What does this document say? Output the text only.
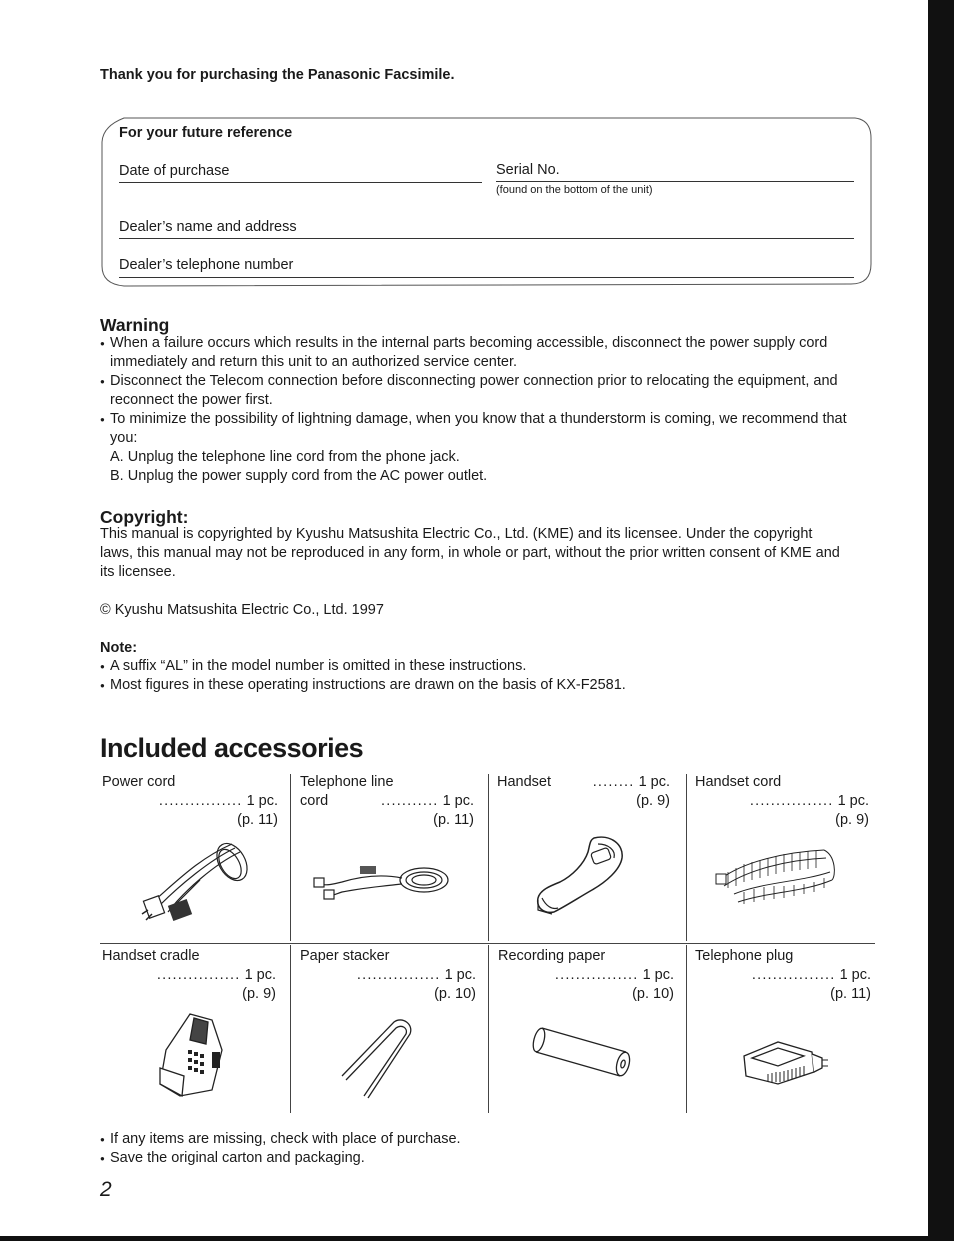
Thank you for purchasing the Panasonic Facsimile.
For your future reference
Date of purchase	Serial No.
(found on the bottom of the unit)
Dealer’s name and address
Dealer’s telephone number
Warning
● When a failure occurs which results in the internal parts becoming accessible, disconnect the power supply cord immediately and return this unit to an authorized service center.
● Disconnect the Telecom connection before disconnecting power connection prior to relocating the equipment, and reconnect the power first.
● To minimize the possibility of lightning damage, when you know that a thunderstorm is coming, we recommend that you:
A. Unplug the telephone line cord from the phone jack.
B. Unplug the power supply cord from the AC power outlet.
Copyright:
This manual is copyrighted by Kyushu Matsushita Electric Co., Ltd. (KME) and its licensee. Under the copyright laws, this manual may not be reproduced in any form, in whole or part, without the prior written consent of KME and its licensee.
© Kyushu Matsushita Electric Co., Ltd. 1997
Note:
● A suffix “AL” in the model number is omitted in these instructions.
● Most figures in these operating instructions are drawn on the basis of KX-F2581.
Included accessories
Power cord
................ 1 pc.
(p. 11)
Telephone line
cord	........... 1 pc.
(p. 11)
Handset	........ 1 pc.
(p. 9)
Handset cord
................ 1 pc.
(p. 9)
Handset cradle
................ 1 pc.
(p. 9)
Paper stacker
................ 1 pc.
(p. 10)
Recording paper
................ 1 pc.
(p. 10)
Telephone plug
................ 1 pc.
(p. 11)
● If any items are missing, check with place of purchase.
● Save the original carton and packaging.
2
